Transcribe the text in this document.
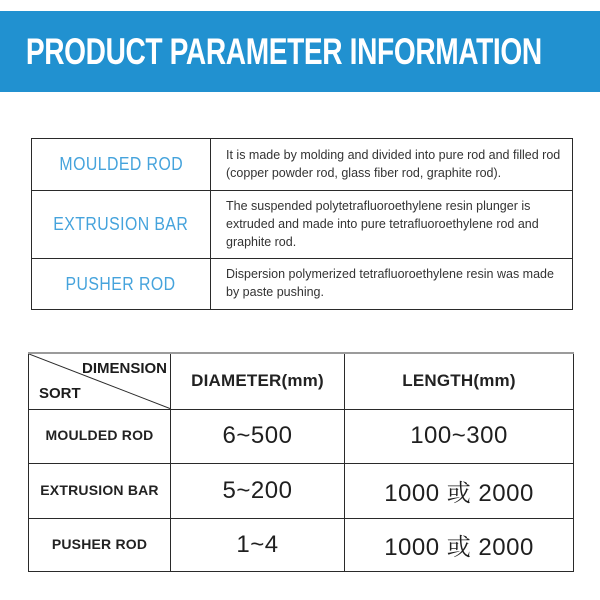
PRODUCT PARAMETER INFORMATION
MOULDED ROD	It is made by molding and divided into pure rod and filled rod (copper powder rod, glass fiber rod, graphite rod).

EXTRUSION BAR	The suspended polytetrafluoroethylene resin plunger is extruded and made into pure tetrafluoroethylene rod and graphite rod.

PUSHER ROD	Dispersion polymerized tetrafluoroethylene resin was made by paste pushing.
DIMENSION
SORT	DIAMETER(mm)	LENGTH(mm)
MOULDED ROD	6~500	100~300
EXTRUSION BAR	5~200	1000 或 2000
PUSHER ROD	1~4	1000 或 2000
